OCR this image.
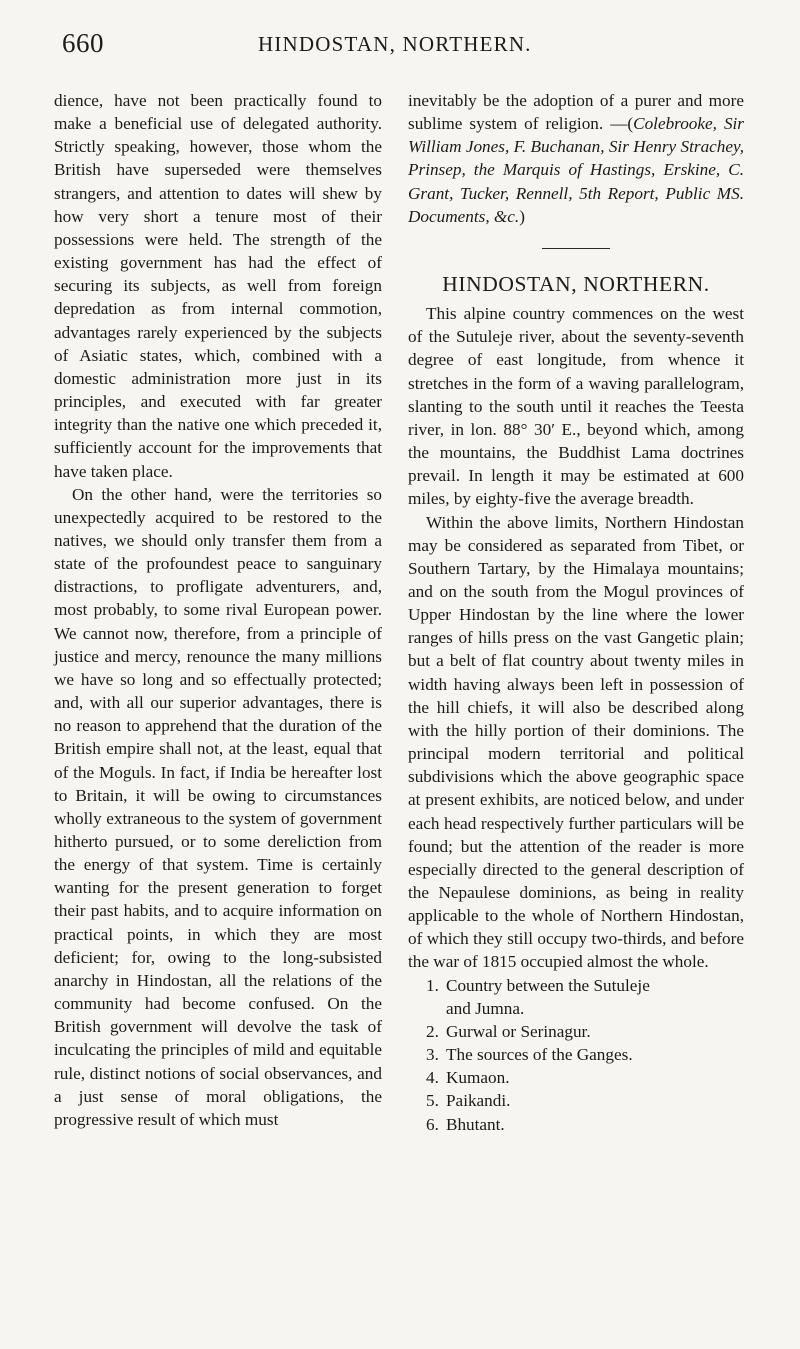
660	HINDOSTAN, NORTHERN.

dience, have not been practically found to make a beneficial use of delegated authority. Strictly speaking, however, those whom the British have superseded were themselves strangers, and attention to dates will shew by how very short a tenure most of their possessions were held. The strength of the existing government has had the effect of securing its subjects, as well from foreign depredation as from internal commotion, advantages rarely experienced by the subjects of Asiatic states, which, combined with a domestic administration more just in its principles, and executed with far greater integrity than the native one which preceded it, sufficiently account for the improvements that have taken place.

On the other hand, were the territories so unexpectedly acquired to be restored to the natives, we should only transfer them from a state of the profoundest peace to sanguinary distractions, to profligate adventurers, and, most probably, to some rival European power. We cannot now, therefore, from a principle of justice and mercy, renounce the many millions we have so long and so effectually protected; and, with all our superior advantages, there is no reason to apprehend that the duration of the British empire shall not, at the least, equal that of the Moguls. In fact, if India be hereafter lost to Britain, it will be owing to circumstances wholly extraneous to the system of government hitherto pursued, or to some dereliction from the energy of that system. Time is certainly wanting for the present generation to forget their past habits, and to acquire information on practical points, in which they are most deficient; for, owing to the long-subsisted anarchy in Hindostan, all the relations of the community had become confused. On the British government will devolve the task of inculcating the principles of mild and equitable rule, distinct notions of social observances, and a just sense of moral obligations, the progressive result of which must

inevitably be the adoption of a purer and more sublime system of religion. —(Colebrooke, Sir William Jones, F. Buchanan, Sir Henry Strachey, Prinsep, the Marquis of Hastings, Erskine, C. Grant, Tucker, Rennell, 5th Report, Public MS. Documents, &c.)

HINDOSTAN, NORTHERN.

This alpine country commences on the west of the Sutuleje river, about the seventy-seventh degree of east longitude, from whence it stretches in the form of a waving parallelogram, slanting to the south until it reaches the Teesta river, in lon. 88° 30′ E., beyond which, among the mountains, the Buddhist Lama doctrines prevail. In length it may be estimated at 600 miles, by eighty-five the average breadth.

Within the above limits, Northern Hindostan may be considered as separated from Tibet, or Southern Tartary, by the Himalaya mountains; and on the south from the Mogul provinces of Upper Hindostan by the line where the lower ranges of hills press on the vast Gangetic plain; but a belt of flat country about twenty miles in width having always been left in possession of the hill chiefs, it will also be described along with the hilly portion of their dominions. The principal modern territorial and political subdivisions which the above geographic space at present exhibits, are noticed below, and under each head respectively further particulars will be found; but the attention of the reader is more especially directed to the general description of the Nepaulese dominions, as being in reality applicable to the whole of Northern Hindostan, of which they still occupy two-thirds, and before the war of 1815 occupied almost the whole.

1. Country between the Sutuleje
and Jumna.
2. Gurwal or Serinagur.
3. The sources of the Ganges.
4. Kumaon.
5. Paikandi.
6. Bhutant.
